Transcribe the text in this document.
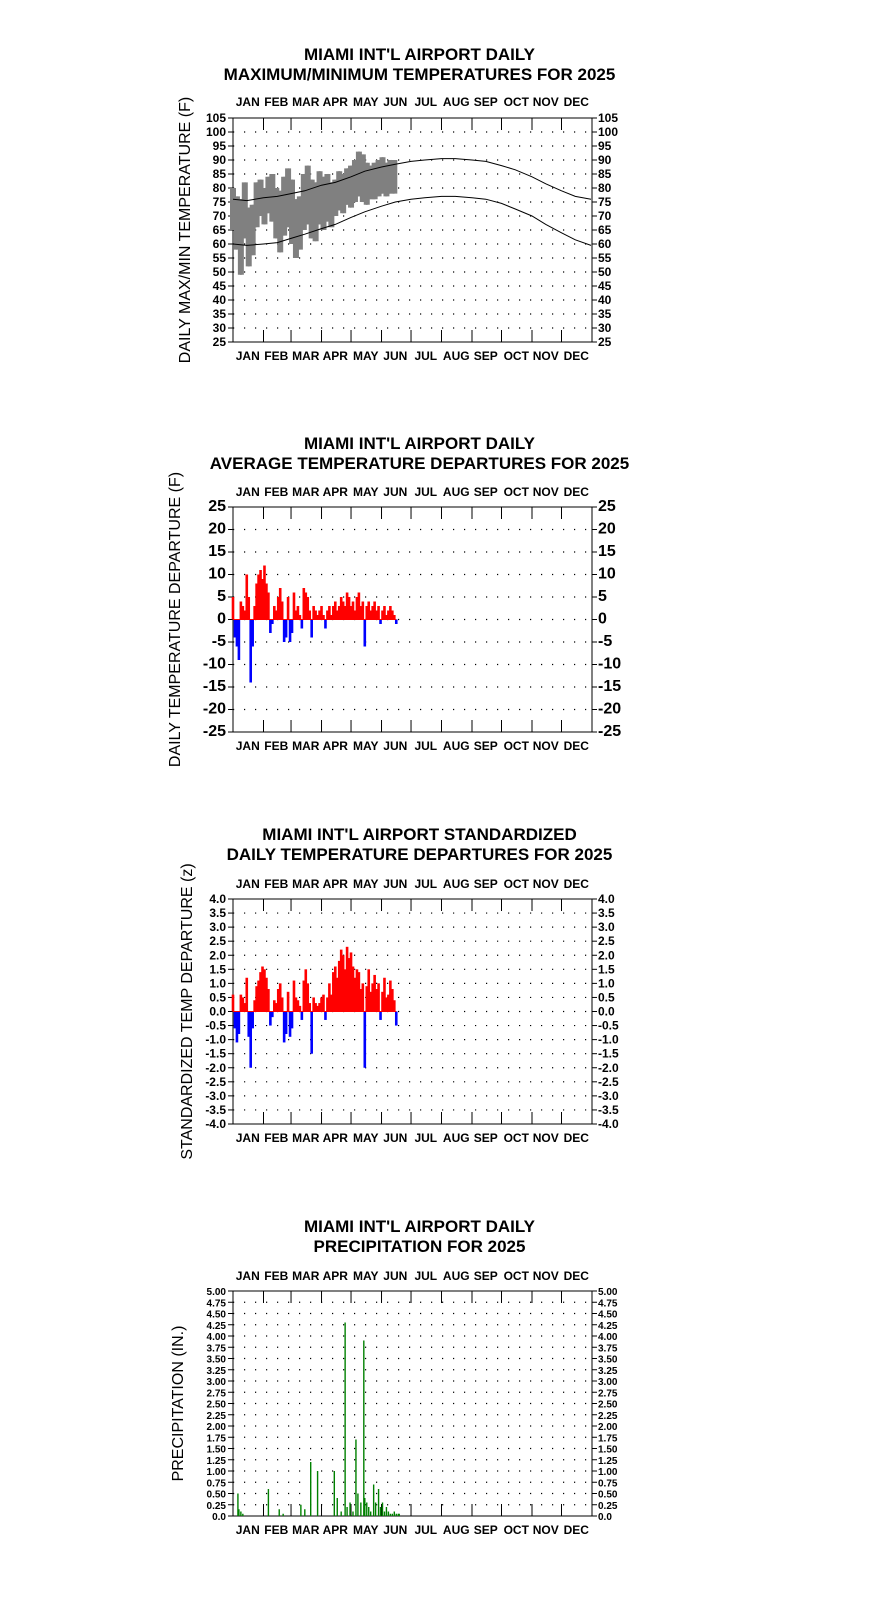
MIAMI INT'L AIRPORT DAILY
MAXIMUM/MINIMUM TEMPERATURES FOR 2025
DAILY MAX/MIN TEMPERATURE (F)	JAN
JAN
FEB
FEB
MAR
MAR
APR
APR
MAY
MAY
JUN
JUN
JUL
JUL
AUG
AUG
SEP
SEP
OCT
OCT
NOV
NOV
DEC
DEC
25	25
30	30
35	35
40	40
45	45
50	50
55	55
60	60
65	65
70	70
75	75
80	80
85	85
90	90
95	95
100	100
105	105
MIAMI INT'L AIRPORT DAILY
AVERAGE TEMPERATURE DEPARTURES FOR 2025
DAILY TEMPERATURE DEPARTURE (F)	JAN
JAN
FEB
FEB
MAR
MAR
APR
APR
MAY
MAY
JUN
JUN
JUL
JUL
AUG
AUG
SEP
SEP
OCT
OCT
NOV
NOV
DEC
DEC
-25	-25
-20	-20
-15	-15
-10	-10
-5	-5
0	0
5	5
10	10
15	15
20	20
25	25
MIAMI INT'L AIRPORT STANDARDIZED
DAILY TEMPERATURE DEPARTURES FOR 2025
STANDARDIZED TEMP DEPARTURE (z)	JAN
JAN
FEB
FEB
MAR
MAR
APR
APR
MAY
MAY
JUN
JUN
JUL
JUL
AUG
AUG
SEP
SEP
OCT
OCT
NOV
NOV
DEC
DEC
-4.0	-4.0
-3.5	-3.5
-3.0	-3.0
-2.5	-2.5
-2.0	-2.0
-1.5	-1.5
-1.0	-1.0
-0.5	-0.5
0.0	0.0
0.5	0.5
1.0	1.0
1.5	1.5
2.0	2.0
2.5	2.5
3.0	3.0
3.5	3.5
4.0	4.0
MIAMI INT'L AIRPORT DAILY
PRECIPITATION FOR 2025
PRECIPITATION (IN.)
JAN
JAN
FEB
FEB
MAR
MAR
APR
APR
MAY
MAY
JUN
JUN
JUL
JUL
AUG
AUG
SEP
SEP
OCT
OCT
NOV
NOV
DEC
DEC
0.0	0.0
0.25	0.25
0.50	0.50
0.75	0.75
1.00	1.00
1.25	1.25
1.50	1.50
1.75	1.75
2.00	2.00
2.25	2.25
2.50	2.50
2.75	2.75
3.00	3.00
3.25	3.25
3.50	3.50
3.75	3.75
4.00	4.00
4.25	4.25
4.50	4.50
4.75	4.75
5.00	5.00
